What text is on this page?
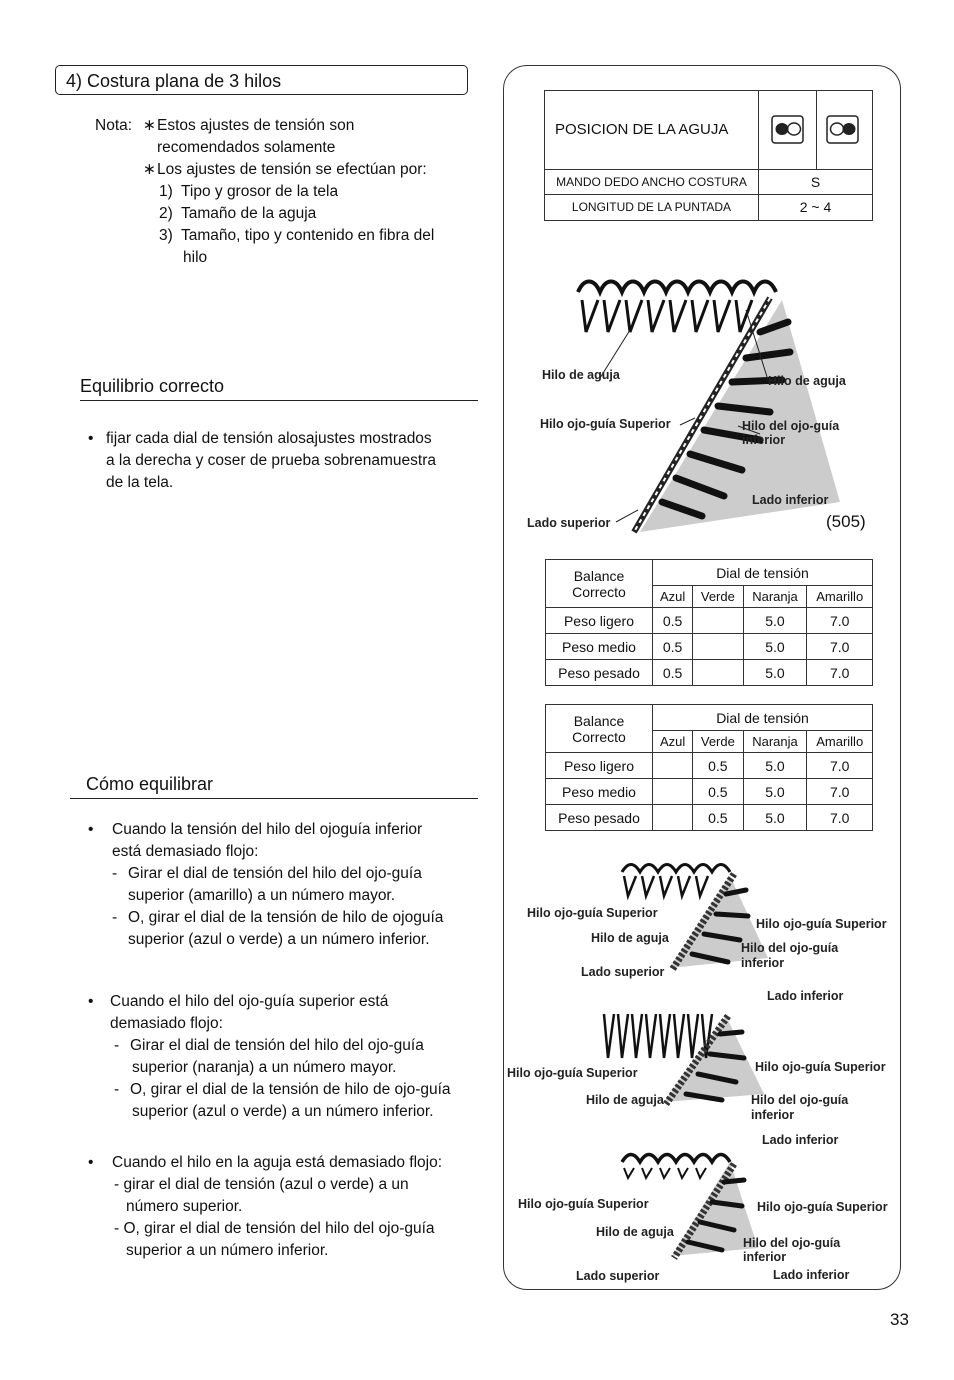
4) Costura plana de 3 hilos
Nota: ∗ Estos ajustes de tensión son
recomendados solamente
∗ Los ajustes de tensión se efectúan por:
1) Tipo y grosor de la tela
2) Tamaño de la aguja
3) Tamaño, tipo y contenido en fibra del
hilo
Equilibrio correcto
• fijar cada dial de tensión alosajustes mostrados
a la derecha y coser de prueba sobrenamuestra
de la tela.
Cómo equilibrar
•	Cuando la tensión del hilo del ojoguía inferior
está demasiado flojo:
- Girar el dial de tensión del hilo del ojo-guía
superior (amarillo) a un número mayor.
- O, girar el dial de la tensión de hilo de ojoguía
superior (azul o verde) a un número inferior.
•	Cuando el hilo del ojo-guía superior está
demasiado flojo:
- Girar el dial de tensión del hilo del ojo-guía
superior (naranja) a un número mayor.
- O, girar el dial de la tensión de hilo de ojo-guía
superior (azul o verde) a un número inferior.
•	Cuando el hilo en la aguja está demasiado flojo:
- girar el dial de tensión (azul o verde) a un
número superior.
- O, girar el dial de tensión del hilo del ojo-guía
superior a un número inferior.
POSICION DE LA AGUJA
MANDO DEDO ANCHO COSTURA	S
LONGITUD DE LA PUNTADA	2 ~ 4
Hilo de aguja	Hilo de aguja
Hilo ojo-guía Superior	Hilo del ojo-guía
inferior
Lado inferior
Lado superior	(505)
Balance
Correcto	Dial de tensión			
	Azul	Verde	Naranja	Amarillo
Peso ligero	0.5		5.0	7.0
Peso medio	0.5		5.0	7.0
Peso pesado	0.5		5.0	7.0
Balance
Correcto	Dial de tensión			
	Azul	Verde	Naranja	Amarillo
Peso ligero		0.5	5.0	7.0
Peso medio		0.5	5.0	7.0
Peso pesado		0.5	5.0	7.0
Hilo ojo-guía Superior
Hilo de aguja
Lado superior
Hilo ojo-guía Superior
Hilo del ojo-guía
inferior
Lado inferior
Hilo ojo-guía Superior
Hilo de aguja
Hilo ojo-guía Superior
Hilo del ojo-guía
inferior
Lado inferior
Hilo ojo-guía Superior
Hilo de aguja
Hilo ojo-guía Superior
Hilo del ojo-guía
inferior
Lado superior	Lado inferior
33
